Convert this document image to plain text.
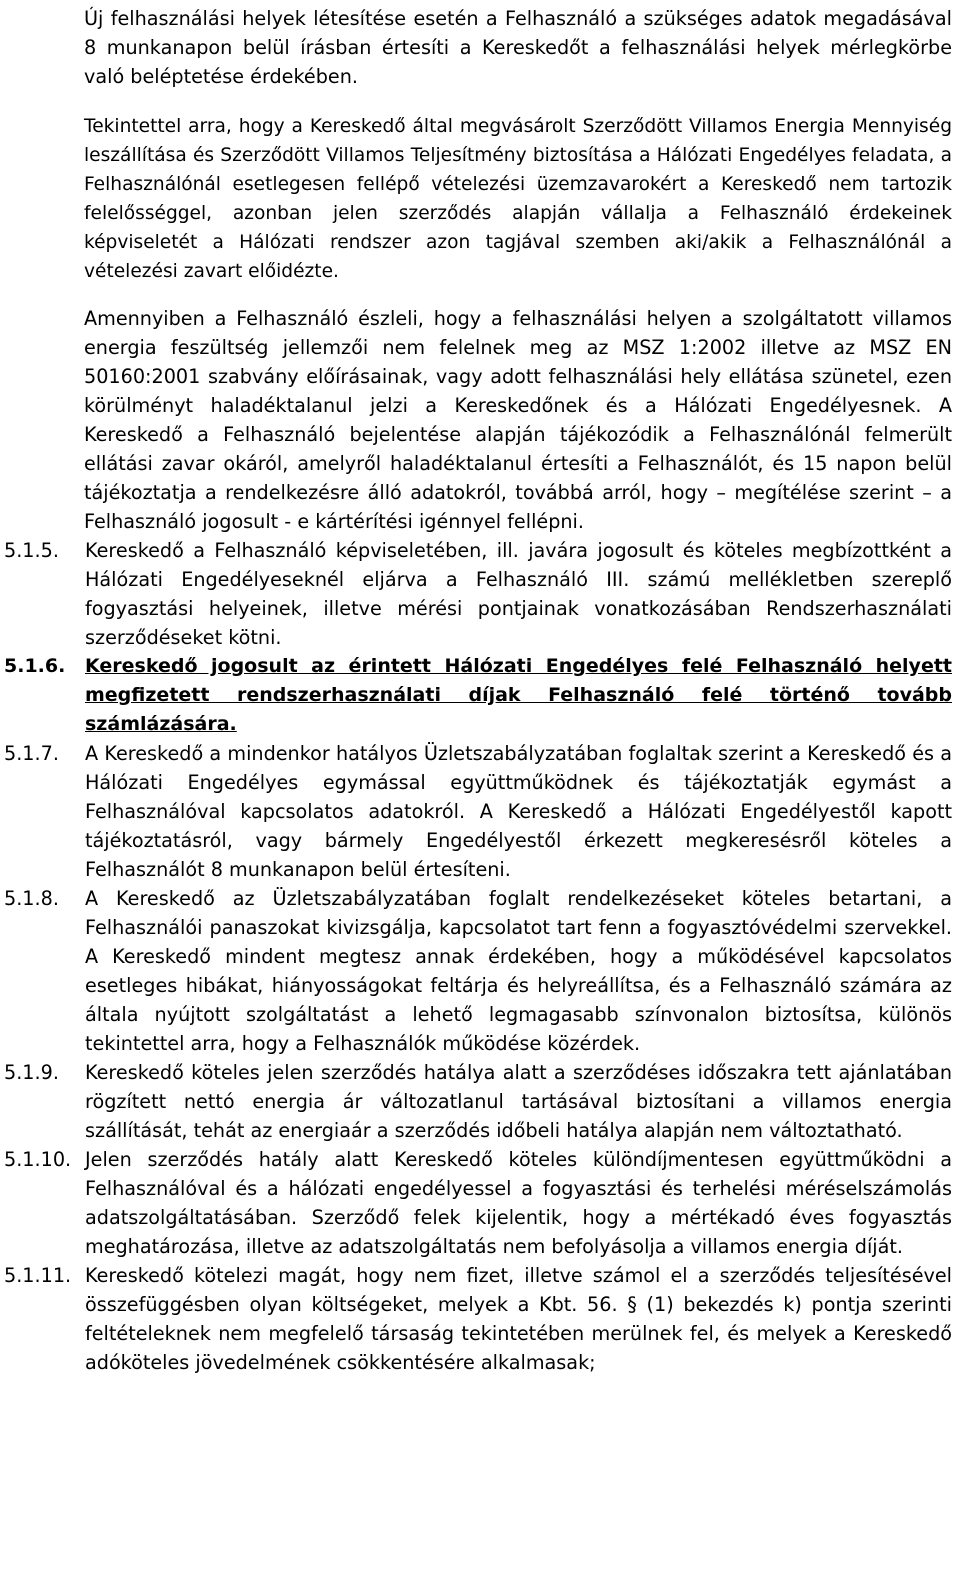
Új felhasználási helyek létesítése esetén a Felhasználó a szükséges adatok megadásával 8 munkanapon belül írásban értesíti a Kereskedőt a felhasználási helyek mérlegkörbe való beléptetése érdekében.
Tekintettel arra, hogy a Kereskedő által megvásárolt Szerződött Villamos Energia Mennyiség leszállítása és Szerződött Villamos Teljesítmény biztosítása a Hálózati Engedélyes feladata, a Felhasználónál esetlegesen fellépő vételezési üzemzavarokért a Kereskedő nem tartozik felelősséggel, azonban jelen szerződés alapján vállalja a Felhasználó érdekeinek képviseletét a Hálózati rendszer azon tagjával szemben aki/akik a Felhasználónál a vételezési zavart előidézte.
Amennyiben a Felhasználó észleli, hogy a felhasználási helyen a szolgáltatott villamos energia feszültség jellemzői nem felelnek meg az MSZ 1:2002 illetve az MSZ EN 50160:2001 szabvány előírásainak, vagy adott felhasználási hely ellátása szünetel, ezen körülményt haladéktalanul jelzi a Kereskedőnek és a Hálózati Engedélyesnek. A Kereskedő a Felhasználó bejelentése alapján tájékozódik a Felhasználónál felmerült ellátási zavar okáról, amelyről haladéktalanul értesíti a Felhasználót, és 15 napon belül tájékoztatja a rendelkezésre álló adatokról, továbbá arról, hogy – megítélése szerint – a Felhasználó jogosult - e kártérítési igénnyel fellépni.
5.1.5. Kereskedő a Felhasználó képviseletében, ill. javára jogosult és köteles megbízottként a Hálózati Engedélyeseknél eljárva a Felhasználó III. számú mellékletben szereplő fogyasztási helyeinek, illetve mérési pontjainak vonatkozásában Rendszerhasználati szerződéseket kötni.
5.1.6. Kereskedő jogosult az érintett Hálózati Engedélyes felé Felhasználó helyett megfizetett rendszerhasználati díjak Felhasználó felé történő tovább számlázására.
5.1.7. A Kereskedő a mindenkor hatályos Üzletszabályzatában foglaltak szerint a Kereskedő és a Hálózati Engedélyes egymással együttműködnek és tájékoztatják egymást a Felhasználóval kapcsolatos adatokról. A Kereskedő a Hálózati Engedélyestől kapott tájékoztatásról, vagy bármely Engedélyestől érkezett megkeresésről köteles a Felhasználót 8 munkanapon belül értesíteni.
5.1.8. A Kereskedő az Üzletszabályzatában foglalt rendelkezéseket köteles betartani, a Felhasználói panaszokat kivizsgálja, kapcsolatot tart fenn a fogyasztóvédelmi szervekkel. A Kereskedő mindent megtesz annak érdekében, hogy a működésével kapcsolatos esetleges hibákat, hiányosságokat feltárja és helyreállítsa, és a Felhasználó számára az általa nyújtott szolgáltatást a lehető legmagasabb színvonalon biztosítsa, különös tekintettel arra, hogy a Felhasználók működése közérdek.
5.1.9. Kereskedő köteles jelen szerződés hatálya alatt a szerződéses időszakra tett ajánlatában rögzített nettó energia ár változatlanul tartásával biztosítani a villamos energia szállítását, tehát az energiaár a szerződés időbeli hatálya alapján nem változtatható.
5.1.10. Jelen szerződés hatály alatt Kereskedő köteles különdíjmentesen együttműködni a Felhasználóval és a hálózati engedélyessel a fogyasztási és terhelési méréselszámolás adatszolgáltatásában. Szerződő felek kijelentik, hogy a mértékadó éves fogyasztás meghatározása, illetve az adatszolgáltatás nem befolyásolja a villamos energia díját.
5.1.11. Kereskedő kötelezi magát, hogy nem fizet, illetve számol el a szerződés teljesítésével összefüggésben olyan költségeket, melyek a Kbt. 56. § (1) bekezdés k) pontja szerinti feltételeknek nem megfelelő társaság tekintetében merülnek fel, és melyek a Kereskedő adóköteles jövedelmének csökkentésére alkalmasak;
